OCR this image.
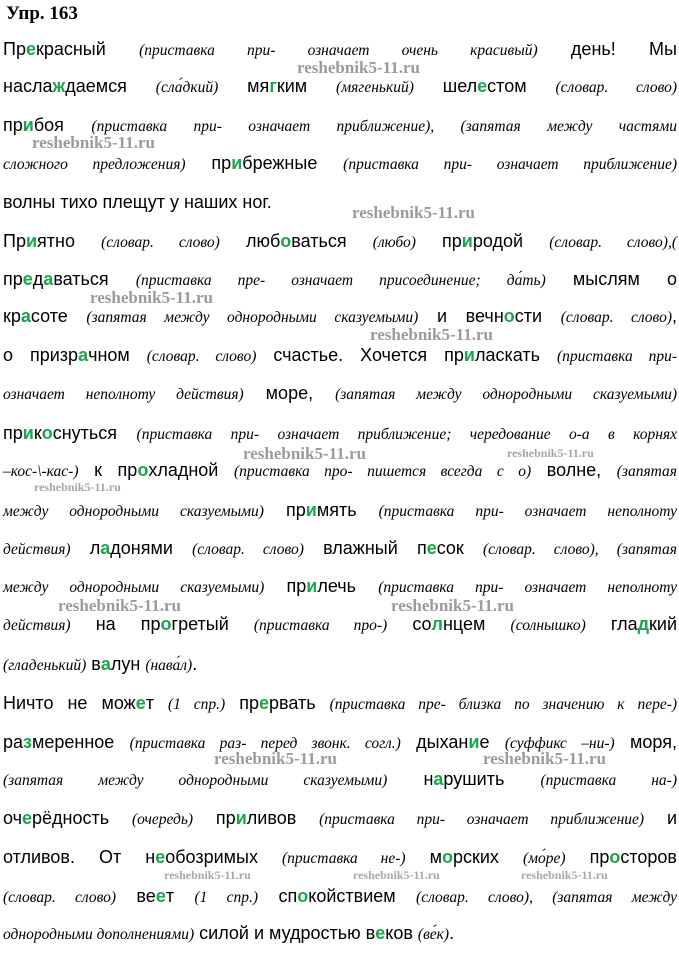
Упр. 163
Прекрасный (приставка при- означает очень красивый) день! Мы
наслаждаемся (сла́дкий) мягким (мягенький) шелестом (словар. слово)
прибоя (приставка при- означает приближение), (запятая между частями
сложного предложения) прибрежные (приставка при- означает приближение)
волны тихо плещут у наших ног.
Приятно (словар. слово) любоваться (любо) природой (словар. слово),(
предаваться (приставка пре- означает присоединение; да́ть) мыслям о
красоте (запятая между однородными сказуемыми) и вечности (словар. слово),
о призрачном (словар. слово) счастье. Хочется приласкать (приставка при-
означает неполноту действия) море, (запятая между однородными сказуемыми)
прикоснуться (приставка при- означает приближение; чередование о-а в корнях
–кос-\-кас-) к прохладной (приставка про- пишется всегда с о) волне, (запятая
между однородными сказуемыми) примять (приставка при- означает неполноту
действия) ладонями (словар. слово) влажный песок (словар. слово), (запятая
между однородными сказуемыми) прилечь (приставка при- означает неполноту
действия) на прогретый (приставка про-) солнцем (солнышко) гладкий
(гладенький) валун (нава́л).
Ничто не может (1 спр.) прервать (приставка пре- близка по значению к пере-)
размеренное (приставка раз- перед звонк. согл.) дыхание (суффикс –ни-) моря,
(запятая между однородными сказуемыми) нарушить (приставка на-)
очерёдность (очередь) приливов (приставка при- означает приближение) и
отливов. От необозримых (приставка не-) морских (мо́ре) просторов
(словар. слово) веет (1 спр.) спокойствием (словар. слово), (запятая между
однородными дополнениями) силой и мудростью веков (ве́к).
reshebnik5-11.ru
reshebnik5-11.ru
reshebnik5-11.ru
reshebnik5-11.ru
reshebnik5-11.ru
reshebnik5-11.ru	reshebnik5-11.ru
reshebnik5-11.ru
reshebnik5-11.ru	reshebnik5-11.ru
reshebnik5-11.ru	reshebnik5-11.ru
reshebnik5-11.ru	reshebnik5-11.ru	reshebnik5-11.ru
